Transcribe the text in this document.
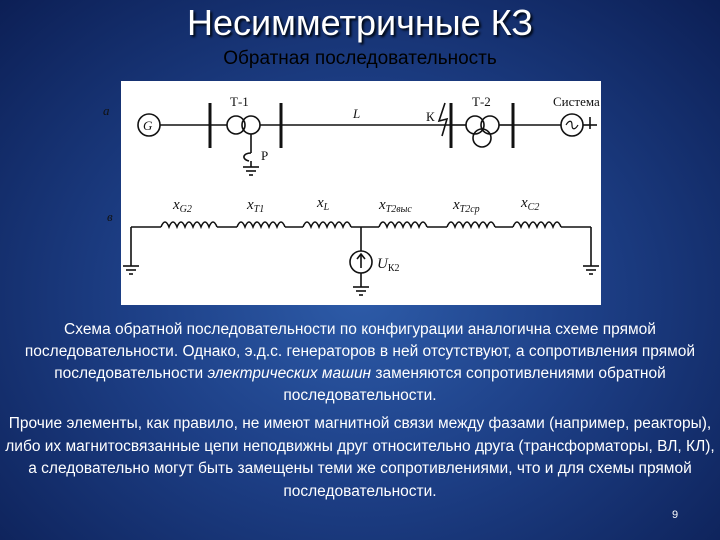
Несимметричные КЗ
Обратная последовательность
а
G
Т-1
P
L	К
Т-2	Система
в
$x_{G2}$	$x_{T1}$	$x_L$	$x_{T2выс}$	$x_{T2ср}$	$x_{C2}$
$U_{К2}$
Схема обратной последовательности по конфигурации аналогична схеме прямой последовательности. Однако, э.д.с. генераторов в ней отсутствуют, а сопротивления прямой последовательности электрических машин заменяются сопротивлениями обратной последовательности.
Прочие элементы, как правило, не имеют магнитной связи между фазами (например, реакторы), либо их магнитосвязанные цепи неподвижны друг относительно друга (трансформаторы, ВЛ, КЛ), а следовательно могут быть замещены теми же сопротивлениями, что и для схемы прямой последовательности.
9
